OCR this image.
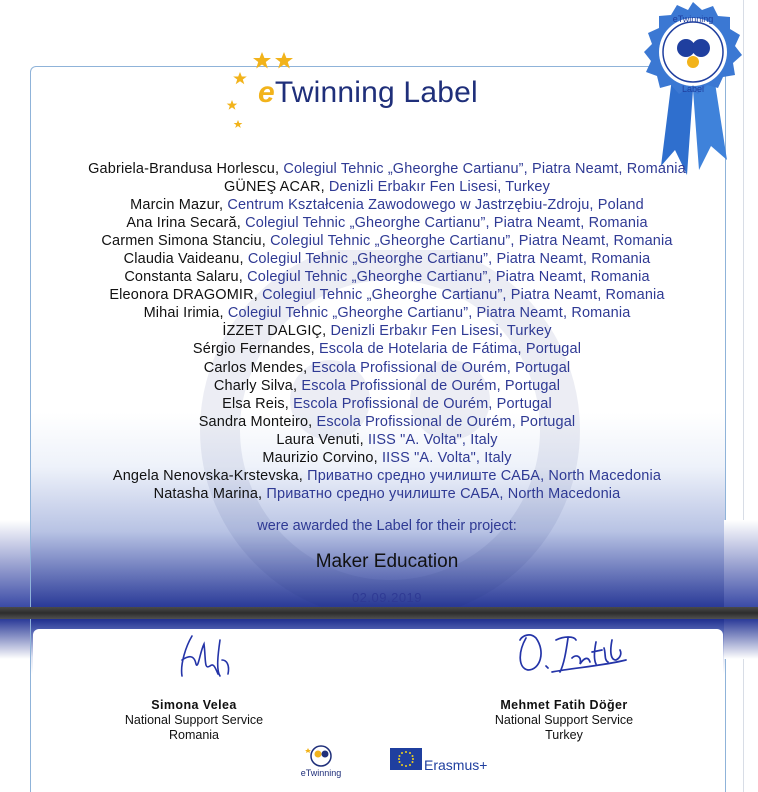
eTwinning Label
eTwinning
Label
Gabriela-Brandusa Horlescu, Colegiul Tehnic „Gheorghe Cartianu”, Piatra Neamt, Romania
GÜNEŞ ACAR, Denizli Erbakır Fen Lisesi, Turkey
Marcin Mazur, Centrum Kształcenia Zawodowego w Jastrzębiu-Zdroju, Poland
Ana Irina Secară, Colegiul Tehnic „Gheorghe Cartianu”, Piatra Neamt, Romania
Carmen Simona Stanciu, Colegiul Tehnic „Gheorghe Cartianu”, Piatra Neamt, Romania
Claudia Vaideanu, Colegiul Tehnic „Gheorghe Cartianu”, Piatra Neamt, Romania
Constanta Salaru, Colegiul Tehnic „Gheorghe Cartianu”, Piatra Neamt, Romania
Eleonora DRAGOMIR, Colegiul Tehnic „Gheorghe Cartianu”, Piatra Neamt, Romania
Mihai Irimia, Colegiul Tehnic „Gheorghe Cartianu”, Piatra Neamt, Romania
İZZET DALGIÇ, Denizli Erbakır Fen Lisesi, Turkey
Sérgio Fernandes, Escola de Hotelaria de Fátima, Portugal
Carlos Mendes, Escola Profissional de Ourém, Portugal
Charly Silva, Escola Profissional de Ourém, Portugal
Elsa Reis, Escola Profissional de Ourém, Portugal
Sandra Monteiro, Escola Profissional de Ourém, Portugal
Laura Venuti, IISS "A. Volta", Italy
Maurizio Corvino, IISS "A. Volta", Italy
Angela Nenovska-Krstevska, Приватно средно училиште САБА, North Macedonia
Natasha Marina, Приватно средно училиште САБА, North Macedonia
were awarded the Label for their project:
Maker Education
02.09.2019
Simona Velea
National Support Service
Romania
Mehmet Fatih Döğer
National Support Service
Turkey
eTwinning	Erasmus+
